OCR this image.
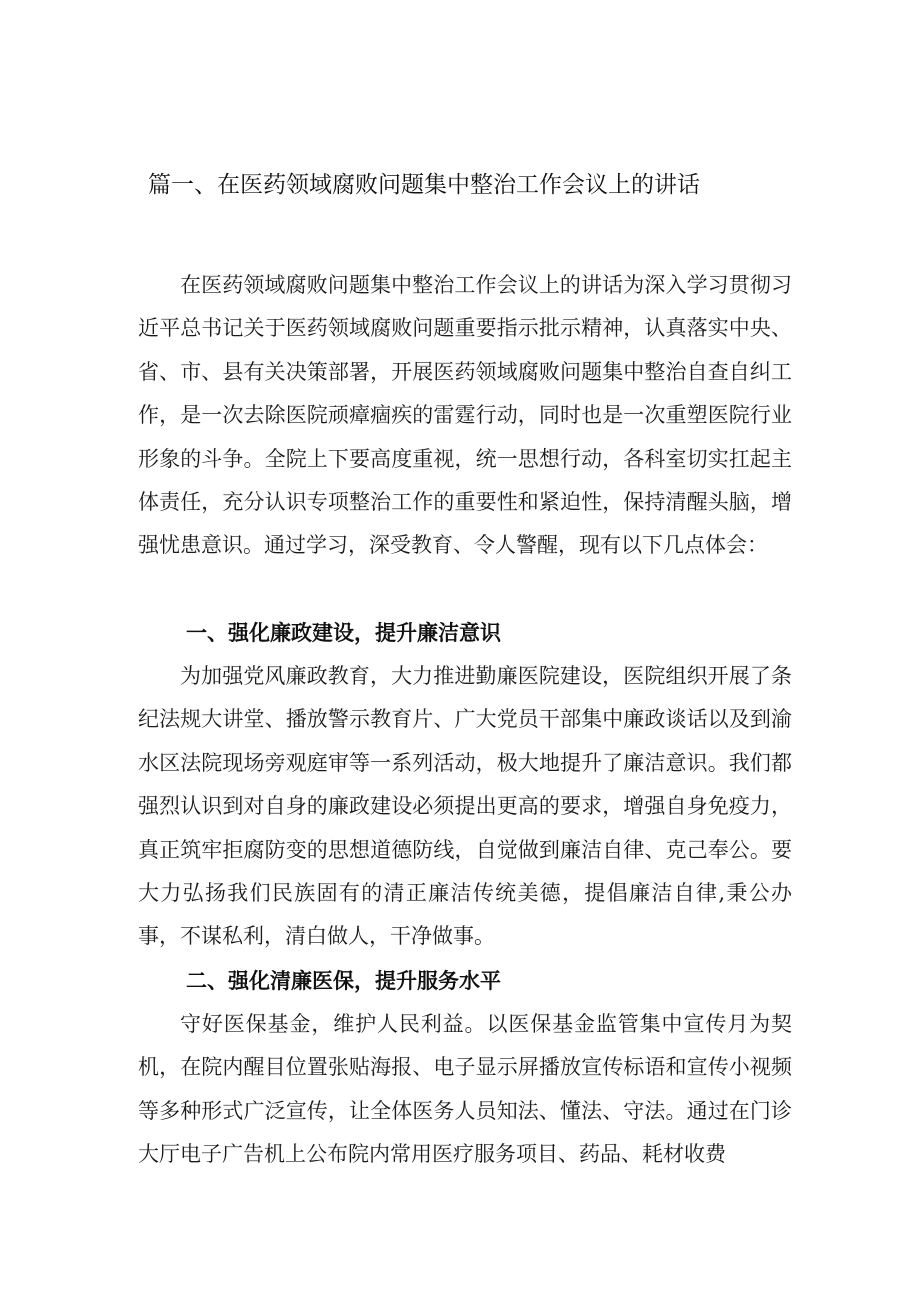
篇一、在医药领域腐败问题集中整治工作会议上的讲话

在医药领域腐败问题集中整治工作会议上的讲话为深入学习贯彻习近平总书记关于医药领域腐败问题重要指示批示精神，认真落实中央、省、市、县有关决策部署，开展医药领域腐败问题集中整治自查自纠工作，是一次去除医院顽瘴痼疾的雷霆行动，同时也是一次重塑医院行业形象的斗争。全院上下要高度重视，统一思想行动，各科室切实扛起主体责任，充分认识专项整治工作的重要性和紧迫性，保持清醒头脑，增强忧患意识。通过学习，深受教育、令人警醒，现有以下几点体会：

一、强化廉政建设，提升廉洁意识

为加强党风廉政教育，大力推进勤廉医院建设，医院组织开展了条纪法规大讲堂、播放警示教育片、广大党员干部集中廉政谈话以及到渝水区法院现场旁观庭审等一系列活动，极大地提升了廉洁意识。我们都强烈认识到对自身的廉政建设必须提出更高的要求，增强自身免疫力，真正筑牢拒腐防变的思想道德防线，自觉做到廉洁自律、克己奉公。要大力弘扬我们民族固有的清正廉洁传统美德，提倡廉洁自律,秉公办事，不谋私利，清白做人，干净做事。

二、强化清廉医保，提升服务水平

守好医保基金，维护人民利益。以医保基金监管集中宣传月为契机，在院内醒目位置张贴海报、电子显示屏播放宣传标语和宣传小视频等多种形式广泛宣传，让全体医务人员知法、懂法、守法。通过在门诊大厅电子广告机上公布院内常用医疗服务项目、药品、耗材收费
